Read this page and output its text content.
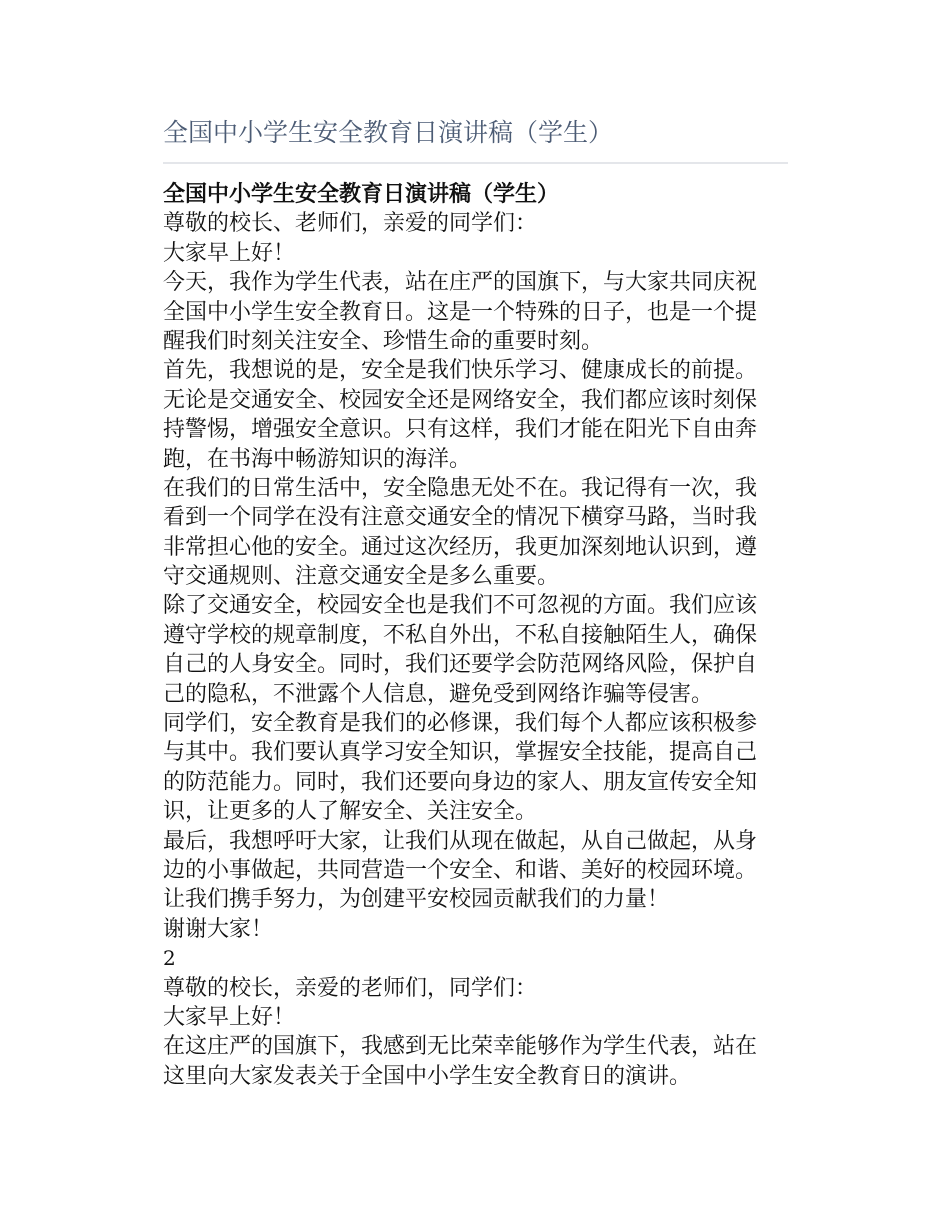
全国中小学生安全教育日演讲稿（学生）
全国中小学生安全教育日演讲稿（学生）
尊敬的校长、老师们，亲爱的同学们：
大家早上好！
今天，我作为学生代表，站在庄严的国旗下，与大家共同庆祝
全国中小学生安全教育日。这是一个特殊的日子，也是一个提
醒我们时刻关注安全、珍惜生命的重要时刻。
首先，我想说的是，安全是我们快乐学习、健康成长的前提。
无论是交通安全、校园安全还是网络安全，我们都应该时刻保
持警惕，增强安全意识。只有这样，我们才能在阳光下自由奔
跑，在书海中畅游知识的海洋。
在我们的日常生活中，安全隐患无处不在。我记得有一次，我
看到一个同学在没有注意交通安全的情况下横穿马路，当时我
非常担心他的安全。通过这次经历，我更加深刻地认识到，遵
守交通规则、注意交通安全是多么重要。
除了交通安全，校园安全也是我们不可忽视的方面。我们应该
遵守学校的规章制度，不私自外出，不私自接触陌生人，确保
自己的人身安全。同时，我们还要学会防范网络风险，保护自
己的隐私，不泄露个人信息，避免受到网络诈骗等侵害。
同学们，安全教育是我们的必修课，我们每个人都应该积极参
与其中。我们要认真学习安全知识，掌握安全技能，提高自己
的防范能力。同时，我们还要向身边的家人、朋友宣传安全知
识，让更多的人了解安全、关注安全。
最后，我想呼吁大家，让我们从现在做起，从自己做起，从身
边的小事做起，共同营造一个安全、和谐、美好的校园环境。
让我们携手努力，为创建平安校园贡献我们的力量！
谢谢大家！
2
尊敬的校长，亲爱的老师们，同学们：
大家早上好！
在这庄严的国旗下，我感到无比荣幸能够作为学生代表，站在
这里向大家发表关于全国中小学生安全教育日的演讲。
